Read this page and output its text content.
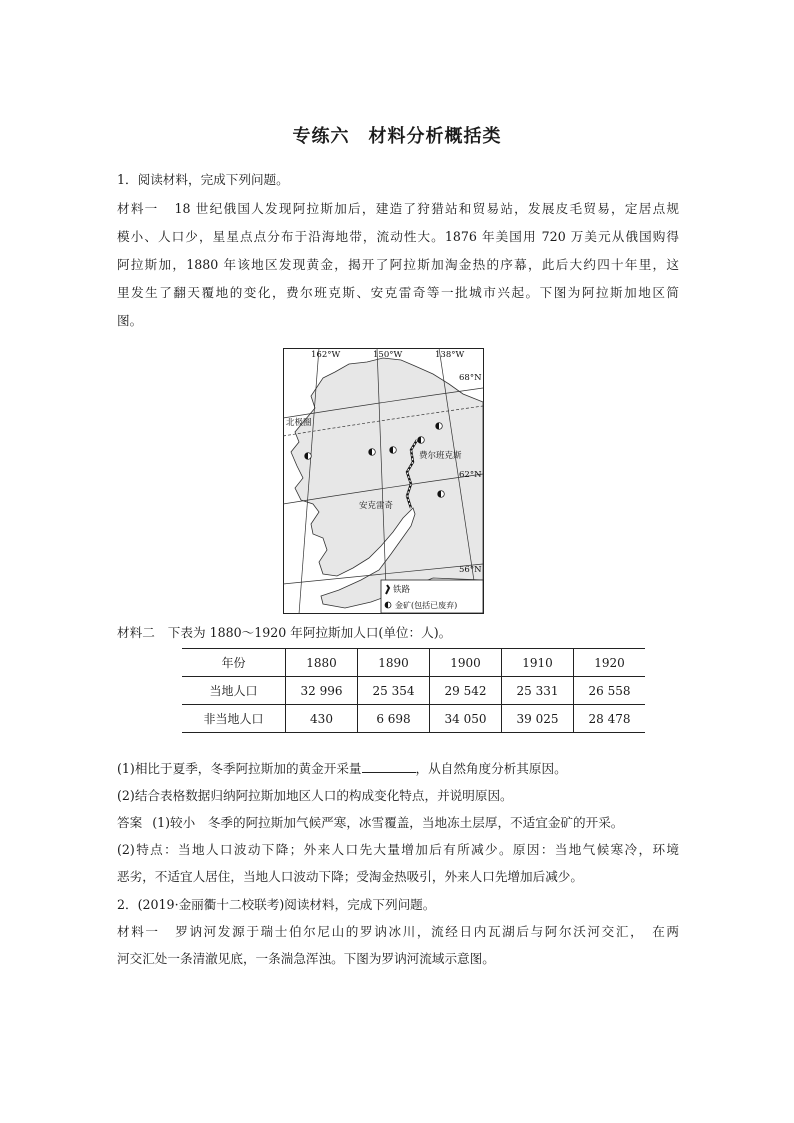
专练六　材料分析概括类
1．阅读材料，完成下列问题。
材料一 18 世纪俄国人发现阿拉斯加后，建造了狩猎站和贸易站，发展皮毛贸易，定居点规
模小、人口少，星星点点分布于沿海地带，流动性大。1876 年美国用 720 万美元从俄国购得
阿拉斯加，1880 年该地区发现黄金，揭开了阿拉斯加淘金热的序幕，此后大约四十年里，这
里发生了翻天覆地的变化，费尔班克斯、安克雷奇等一批城市兴起。下图为阿拉斯加地区简
图。
162°W	150°W	138°W
68°N
62°N
56°N
北极圈
费尔班克斯
安克雷奇
铁路
金矿(包括已废弃)
材料二 下表为 1880～1920 年阿拉斯加人口(单位：人)。
年份	1880	1890	1900	1910	1920
当地人口	32 996	25 354	29 542	25 331	26 558
非当地人口	430	6 698	34 050	39 025	28 478
(1)相比于夏季，冬季阿拉斯加的黄金开采量	，从自然角度分析其原因。
(2)结合表格数据归纳阿拉斯加地区人口的构成变化特点，并说明原因。
答案 (1)较小　冬季的阿拉斯加气候严寒，冰雪覆盖，当地冻土层厚，不适宜金矿的开采。
(2)特点：当地人口波动下降；外来人口先大量增加后有所减少。原因：当地气候寒冷，环境
恶劣，不适宜人居住，当地人口波动下降；受淘金热吸引，外来人口先增加后减少。
2．(2019·金丽衢十二校联考)阅读材料，完成下列问题。
材料一 罗讷河发源于瑞士伯尔尼山的罗讷冰川，流经日内瓦湖后与阿尔沃河交汇，　在两
河交汇处一条清澈见底，一条湍急浑浊。下图为罗讷河流域示意图。
